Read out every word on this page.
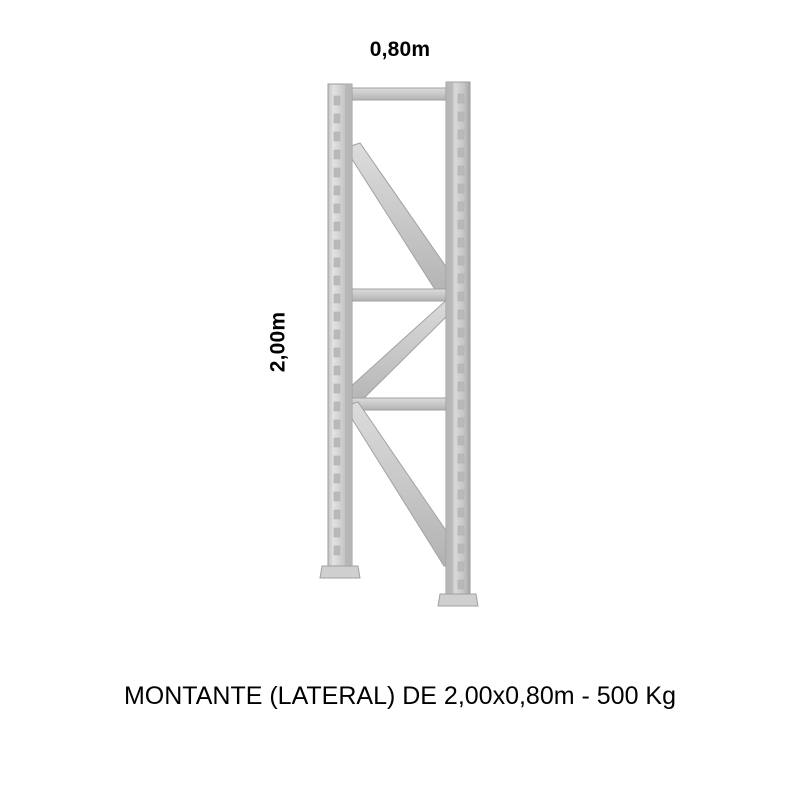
0,80m
2,00m
MONTANTE (LATERAL) DE 2,00x0,80m - 500 Kg
